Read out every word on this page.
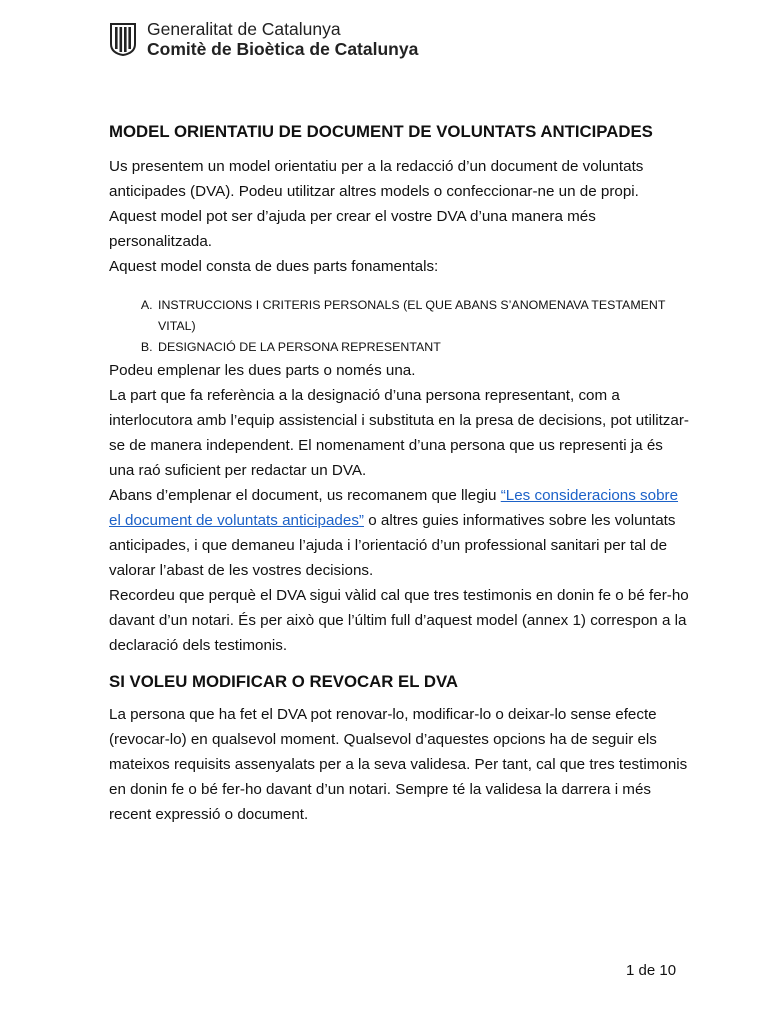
Generalitat de Catalunya
Comitè de Bioètica de Catalunya
MODEL ORIENTATIU DE DOCUMENT DE VOLUNTATS ANTICIPADES

Us presentem un model orientatiu per a la redacció d’un document de voluntats anticipades (DVA). Podeu utilitzar altres models o confeccionar-ne un de propi. Aquest model pot ser d’ajuda per crear el vostre DVA d’una manera més personalitzada.

Aquest model consta de dues parts fonamentals:

A. INSTRUCCIONS I CRITERIS PERSONALS (EL QUE ABANS S’ANOMENAVA TESTAMENT VITAL)
B. DESIGNACIÓ DE LA PERSONA REPRESENTANT

Podeu emplenar les dues parts o només una.

La part que fa referència a la designació d’una persona representant, com a interlocutora amb l’equip assistencial i substituta en la presa de decisions, pot utilitzar-se de manera independent. El nomenament d’una persona que us representi ja és una raó suficient per redactar un DVA.

Abans d’emplenar el document, us recomanem que llegiu “Les consideracions sobre el document de voluntats anticipades” o altres guies informatives sobre les voluntats anticipades, i que demaneu l’ajuda i l’orientació d’un professional sanitari per tal de valorar l’abast de les vostres decisions.

Recordeu que perquè el DVA sigui vàlid cal que tres testimonis en donin fe o bé fer-ho davant d’un notari. És per això que l’últim full d’aquest model (annex 1) correspon a la declaració dels testimonis.

SI VOLEU MODIFICAR O REVOCAR EL DVA

La persona que ha fet el DVA pot renovar-lo, modificar-lo o deixar-lo sense efecte (revocar-lo) en qualsevol moment. Qualsevol d’aquestes opcions ha de seguir els mateixos requisits assenyalats per a la seva validesa. Per tant, cal que tres testimonis en donin fe o bé fer-ho davant d’un notari. Sempre té la validesa la darrera i més recent expressió o document.

1 de 10
